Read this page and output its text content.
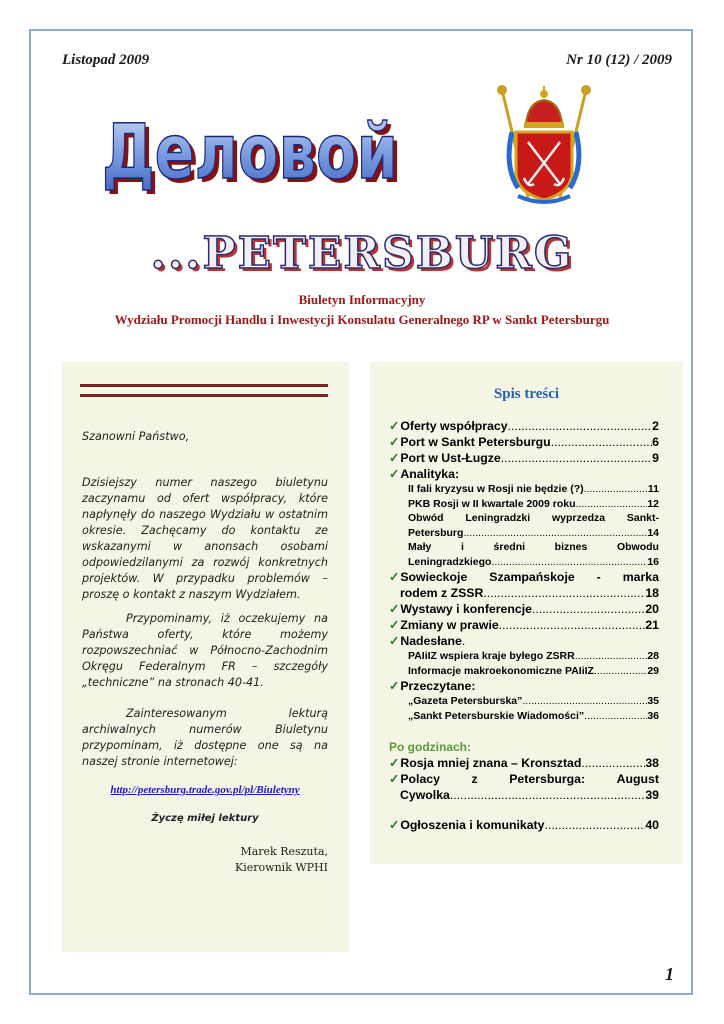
Listopad 2009	Nr 10 (12) / 2009
Деловой
Деловой
...PETERSBURG
Biuletyn Informacyjny
Wydziału Promocji Handlu i Inwestycji Konsulatu Generalnego RP w Sankt Petersburgu

Szanowni Państwo,

Dzisiejszy numer naszego biuletynu zaczynamu od ofert współpracy, które napłynęły do naszego Wydziału w ostatnim okresie. Zachęcamy do kontaktu ze wskazanymi w anonsach osobami odpowiedzilanymi za rozwój konkretnych projektów. W przypadku problemów – proszę o kontakt z naszym Wydziałem.

Przypominamy, iż oczekujemy na Państwa oferty, które możemy rozpowszechniać w Północno-Zachodnim Okręgu Federalnym FR – szczegóły „techniczne” na stronach 40-41.

Zainteresowanym lekturą archiwalnych numerów Biuletynu przypominam, iż dostępne one są na naszej stronie internetowej:

http://petersburg.trade.gov.pl/pl/Biuletyny
Życzę miłej lektury
Marek Reszuta,
Kierownik WPHI
Spis treści
✓ Oferty współpracy .....	2
✓ Port w Sankt Petersburgu .....	6
✓ Port w Ust-Ługze .....	9
✓Analityka:
II fali kryzysu w Rosji nie będzie (?) .....	11
PKB Rosji w II kwartale 2009 roku .....	12
Obwód Leningradzki wyprzedza Sankt-
Petersburg .....	14
Mały	i	średni	biznes	Obwodu
Leningradzkiego .....	16
✓Sowieckoje Szampańskoje - marka
rodem z ZSSR .....	18
✓ Wystawy i konferencje .....	20
✓ Zmiany w prawie .....	21
✓Nadesłane.
PAIiIZ wspiera kraje byłego ZSRR .....	28
Informacje makroekonomiczne PAIiIZ .....	29
✓Przeczytane:
„Gazeta Petersburska” .....	35
„Sankt Petersburskie Wiadomości” .....	36
Po godzinach:
✓ Rosja mniej znana – Kronsztad .....	38
✓Polacy	z	Petersburga:	August
Cywolka .....	39
✓ Ogłoszenia i komunikaty .....	40
1
